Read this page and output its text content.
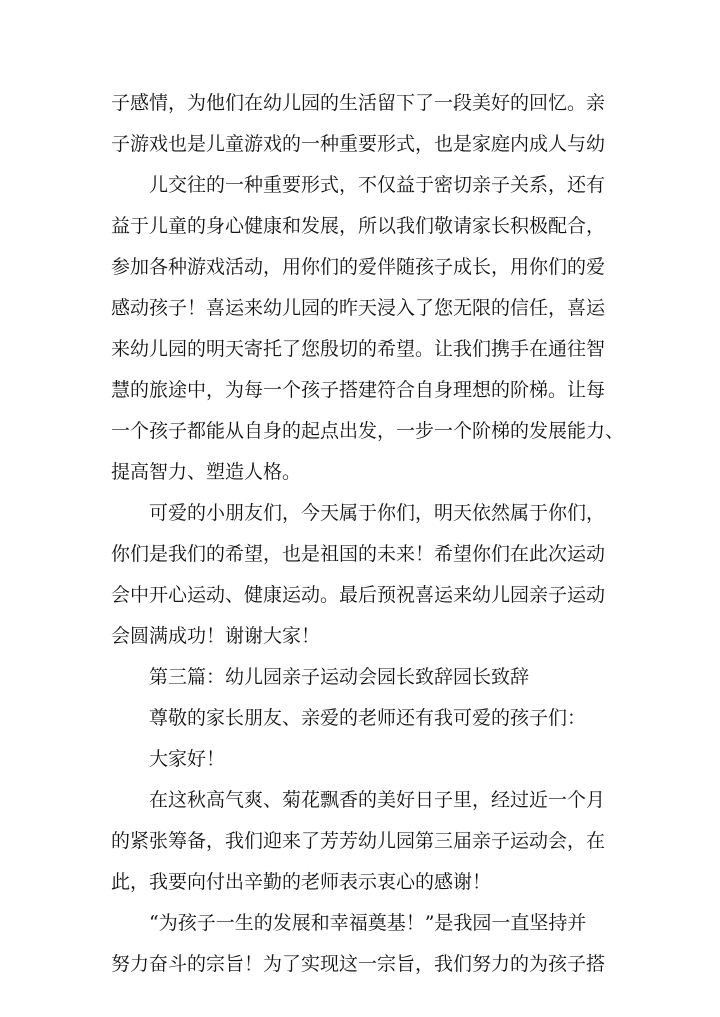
子感情，为他们在幼儿园的生活留下了一段美好的回忆。亲
子游戏也是儿童游戏的一种重要形式，也是家庭内成人与幼
儿交往的一种重要形式，不仅益于密切亲子关系，还有
益于儿童的身心健康和发展，所以我们敬请家长积极配合，
参加各种游戏活动，用你们的爱伴随孩子成长，用你们的爱
感动孩子！喜运来幼儿园的昨天浸入了您无限的信任，喜运
来幼儿园的明天寄托了您殷切的希望。让我们携手在通往智
慧的旅途中，为每一个孩子搭建符合自身理想的阶梯。让每
一个孩子都能从自身的起点出发，一步一个阶梯的发展能力、
提高智力、塑造人格。
可爱的小朋友们，今天属于你们，明天依然属于你们，
你们是我们的希望，也是祖国的未来！希望你们在此次运动
会中开心运动、健康运动。最后预祝喜运来幼儿园亲子运动
会圆满成功！谢谢大家！
第三篇：幼儿园亲子运动会园长致辞园长致辞
尊敬的家长朋友、亲爱的老师还有我可爱的孩子们：
大家好！
在这秋高气爽、菊花飘香的美好日子里，经过近一个月
的紧张筹备，我们迎来了芳芳幼儿园第三届亲子运动会，在
此，我要向付出辛勤的老师表示衷心的感谢！
“为孩子一生的发展和幸福奠基！”是我园一直坚持并
努力奋斗的宗旨！为了实现这一宗旨，我们努力的为孩子搭
